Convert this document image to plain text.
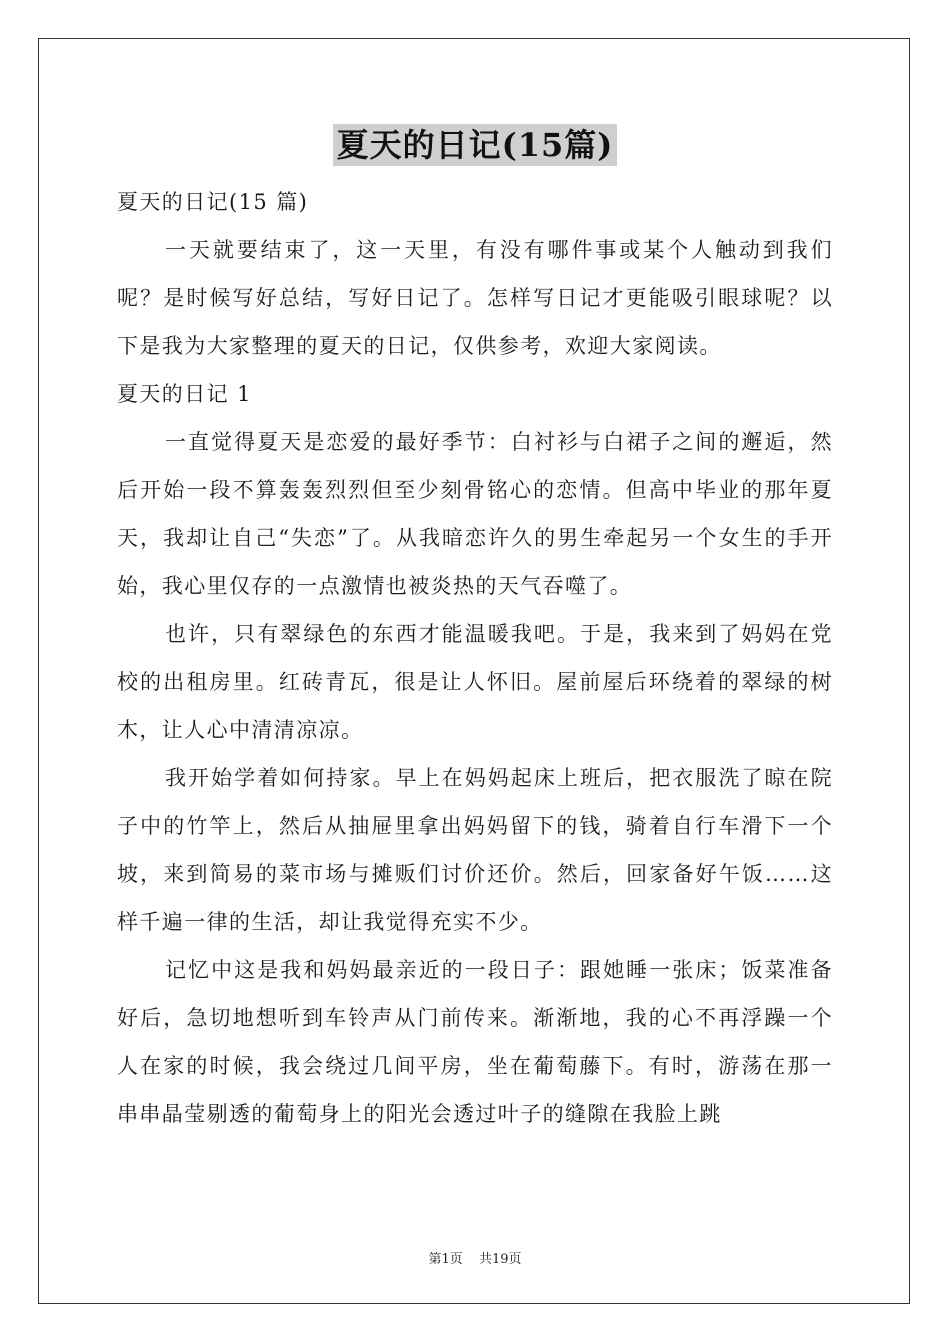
夏天的日记(15篇)

夏天的日记(15 篇)

一天就要结束了，这一天里，有没有哪件事或某个人触动到我们呢？是时候写好总结，写好日记了。怎样写日记才更能吸引眼球呢？以下是我为大家整理的夏天的日记，仅供参考，欢迎大家阅读。

夏天的日记 1

一直觉得夏天是恋爱的最好季节：白衬衫与白裙子之间的邂逅，然后开始一段不算轰轰烈烈但至少刻骨铭心的恋情。但高中毕业的那年夏天，我却让自己“失恋”了。从我暗恋许久的男生牵起另一个女生的手开始，我心里仅存的一点激情也被炎热的天气吞噬了。

也许，只有翠绿色的东西才能温暖我吧。于是，我来到了妈妈在党校的出租房里。红砖青瓦，很是让人怀旧。屋前屋后环绕着的翠绿的树木，让人心中清清凉凉。

我开始学着如何持家。早上在妈妈起床上班后，把衣服洗了晾在院子中的竹竿上，然后从抽屉里拿出妈妈留下的钱，骑着自行车滑下一个坡，来到简易的菜市场与摊贩们讨价还价。然后，回家备好午饭……这样千遍一律的生活，却让我觉得充实不少。

记忆中这是我和妈妈最亲近的一段日子：跟她睡一张床；饭菜准备好后，急切地想听到车铃声从门前传来。渐渐地，我的心不再浮躁一个人在家的时候，我会绕过几间平房，坐在葡萄藤下。有时，游荡在那一串串晶莹剔透的葡萄身上的阳光会透过叶子的缝隙在我脸上跳

第1页 共19页
